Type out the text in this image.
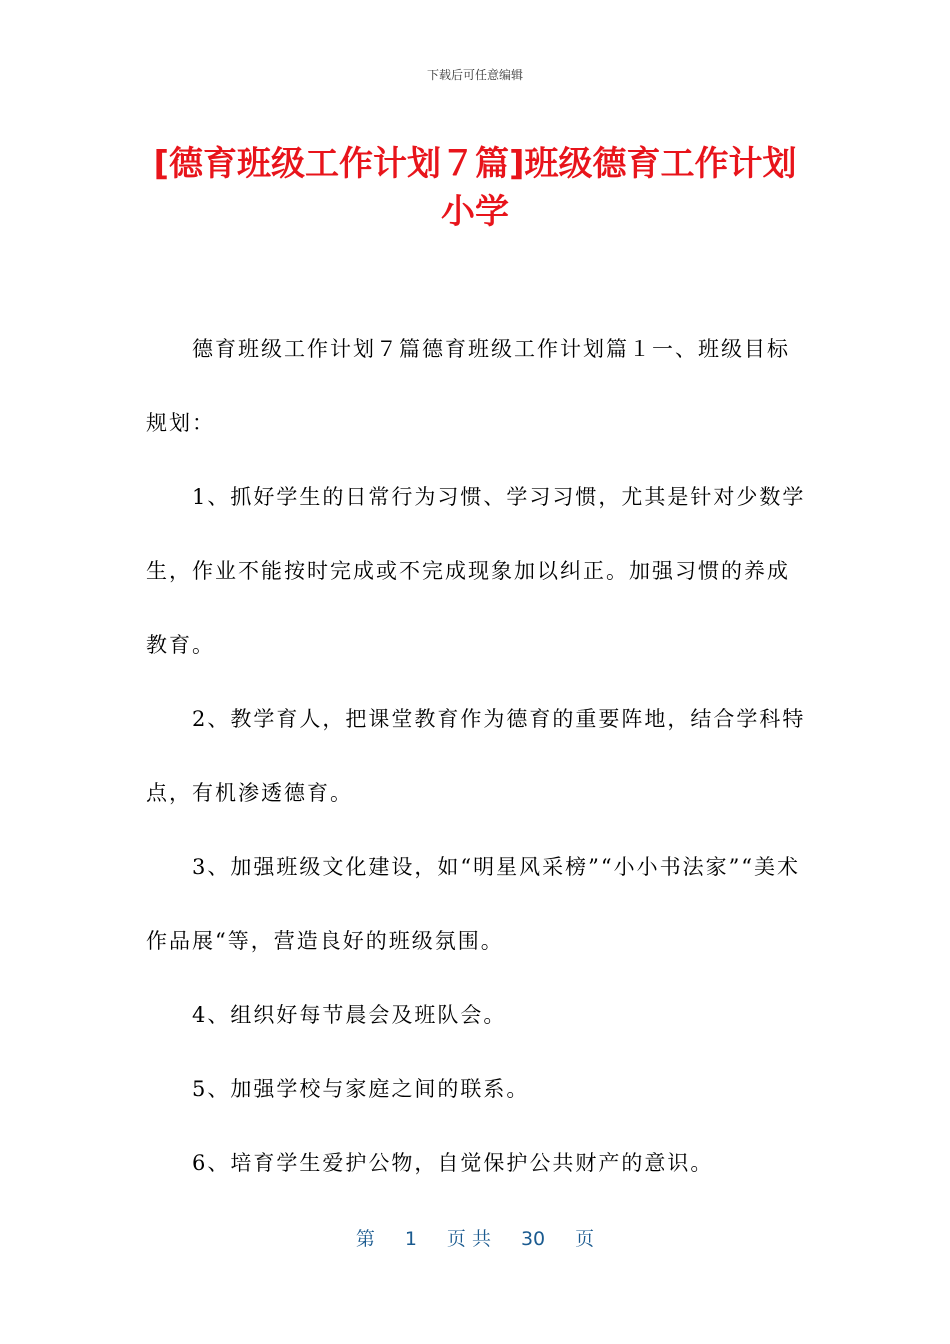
下载后可任意编辑
[德育班级工作计划７篇]班级德育工作计划小学

德育班级工作计划７篇德育班级工作计划篇１一、班级目标规划：

1、抓好学生的日常行为习惯、学习习惯，尤其是针对少数学生，作业不能按时完成或不完成现象加以纠正。加强习惯的养成教育。

2、教学育人，把课堂教育作为德育的重要阵地，结合学科特点，有机渗透德育。

3、加强班级文化建设，如“明星风采榜”“小小书法家”“美术作品展“等，营造良好的班级氛围。

4、组织好每节晨会及班队会。

5、加强学校与家庭之间的联系。

6、培育学生爱护公物，自觉保护公共财产的意识。

第 1 页 共 30 页
